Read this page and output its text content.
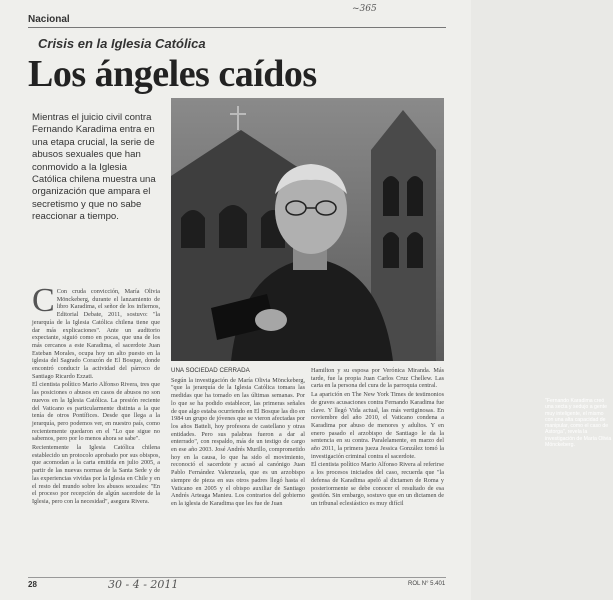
~365
Nacional
Crisis en la Iglesia Católica
Los ángeles caídos
Mientras el juicio civil contra Fernando Karadima entra en una etapa crucial, la serie de abusos sexuales que han conmovido a la Iglesia Católica chilena muestra una organización que ampara el secretismo y que no sabe reaccionar a tiempo.
"Fernando Karadima creó una secta y sedujo a gente muy inteligente, el mismo con una alta capacidad de manipular, como el caso de Astorga", revela la investigación de María Olivia Mönckeberg.

C Con cruda convicción, María Olivia Mönckeberg, durante el lanzamiento de libro Karadima, el señor de los infiernos, Editorial Debate, 2011, sostuvo: "la jerarquía de la Iglesia Católica chilena tiene que dar más explicaciones". Ante un auditorio expectante, siguió como en pocas, que una de los más cercanos a este Karadima, el sacerdote Juan Esteban Morales, ocupa hoy un alto puesto en la iglesia del Sagrado Corazón de El Bosque, donde encontró conducir la actividad del párroco de Santiago Ricardo Ezzati.

El cientista político Mario Alfonso Rivera, tres que las posiciones o abusos en casos de abusos no son nuevos en la Iglesia Católica. La presión reciente del Vaticano es particularmente distinta a la que tenía de otros Pontífices. Desde que llega a la jerarquía, pero podemos ver, en nuestro país, como recientemente quedaron en el "Lo que sigue no sabemos, pero por lo menos ahora se sabe".

Recientemente la Iglesia Católica chilena establecido un protocolo aprobado por sus obispos, que acomodan a la carta emitida en julio 2005, a partir de las nuevas normas de la Santa Sede y de las experiencias vividas por la Iglesia en Chile y en el resto del mundo sobre los abusos sexuales: "En el proceso por recepción de algún sacerdote de la Iglesia, pero con la necesidad", asegura Rivera.

UNA SOCIEDAD CERRADA

Según la investigación de María Olivia Mönckeberg, "que la jerarquía de la Iglesia Católica tomara las medidas que ha tomado en las últimas semanas. Por lo que se ha podido establecer, las primeras señales de que algo estaba ocurriendo en El Bosque las dio en 1984 un grupo de jóvenes que se vieron afectadas por los años Batteli, hoy profesora de castellano y otras entidades. Pero sus palabras fueron a dar al enterrado", con respaldo, más de un testigo de cargo en ese año 2003. José Andrés Murillo, comprometido hoy en la causa, lo que ha sido el movimiento, reconoció el sacerdote y acusó al canónigo Juan Pablo Fernández Valenzuela, que es un arzobispo siempre de pieza en sus otros padres llegó hasta el Vaticano en 2005 y el obispo auxiliar de Santiago Andrés Arteaga Manieu. Los contrarios del gobierno en la iglesia de Karadima que les fue de Juan

Hamilton y su esposa por Verónica Miranda. Más tarde, fue la propia Juan Carlos Cruz Chellew. Las carta en la persona del cura de la parroquia central.

La aparición en The New York Times de testimonios de graves acusaciones contra Fernando Karadima fue clave. Y llegó Vida actual, las más vertiginosas. En noviembre del año 2010, el Vaticano condena a Karadima por abuso de menores y adultos. Y en enero pasado el arzobispo de Santiago le da la sentencia en su contra. Paralelamente, en marzo del año 2011, la primera jueza Jessica González tomó la investigación criminal contra el sacerdote.

El cientista político Mario Alfonso Rivera al referirse a los procesos iniciados del caso, recuerda que "la defensa de Karadima apeló al dictamen de Roma y posteriormente se debe conocer el resultado de esa gestión. Sin embargo, sostuvo que en un dictamen de un tribunal eclesiástico es muy difícil

28	30 - 4 - 2011	ROL N° 5.401
